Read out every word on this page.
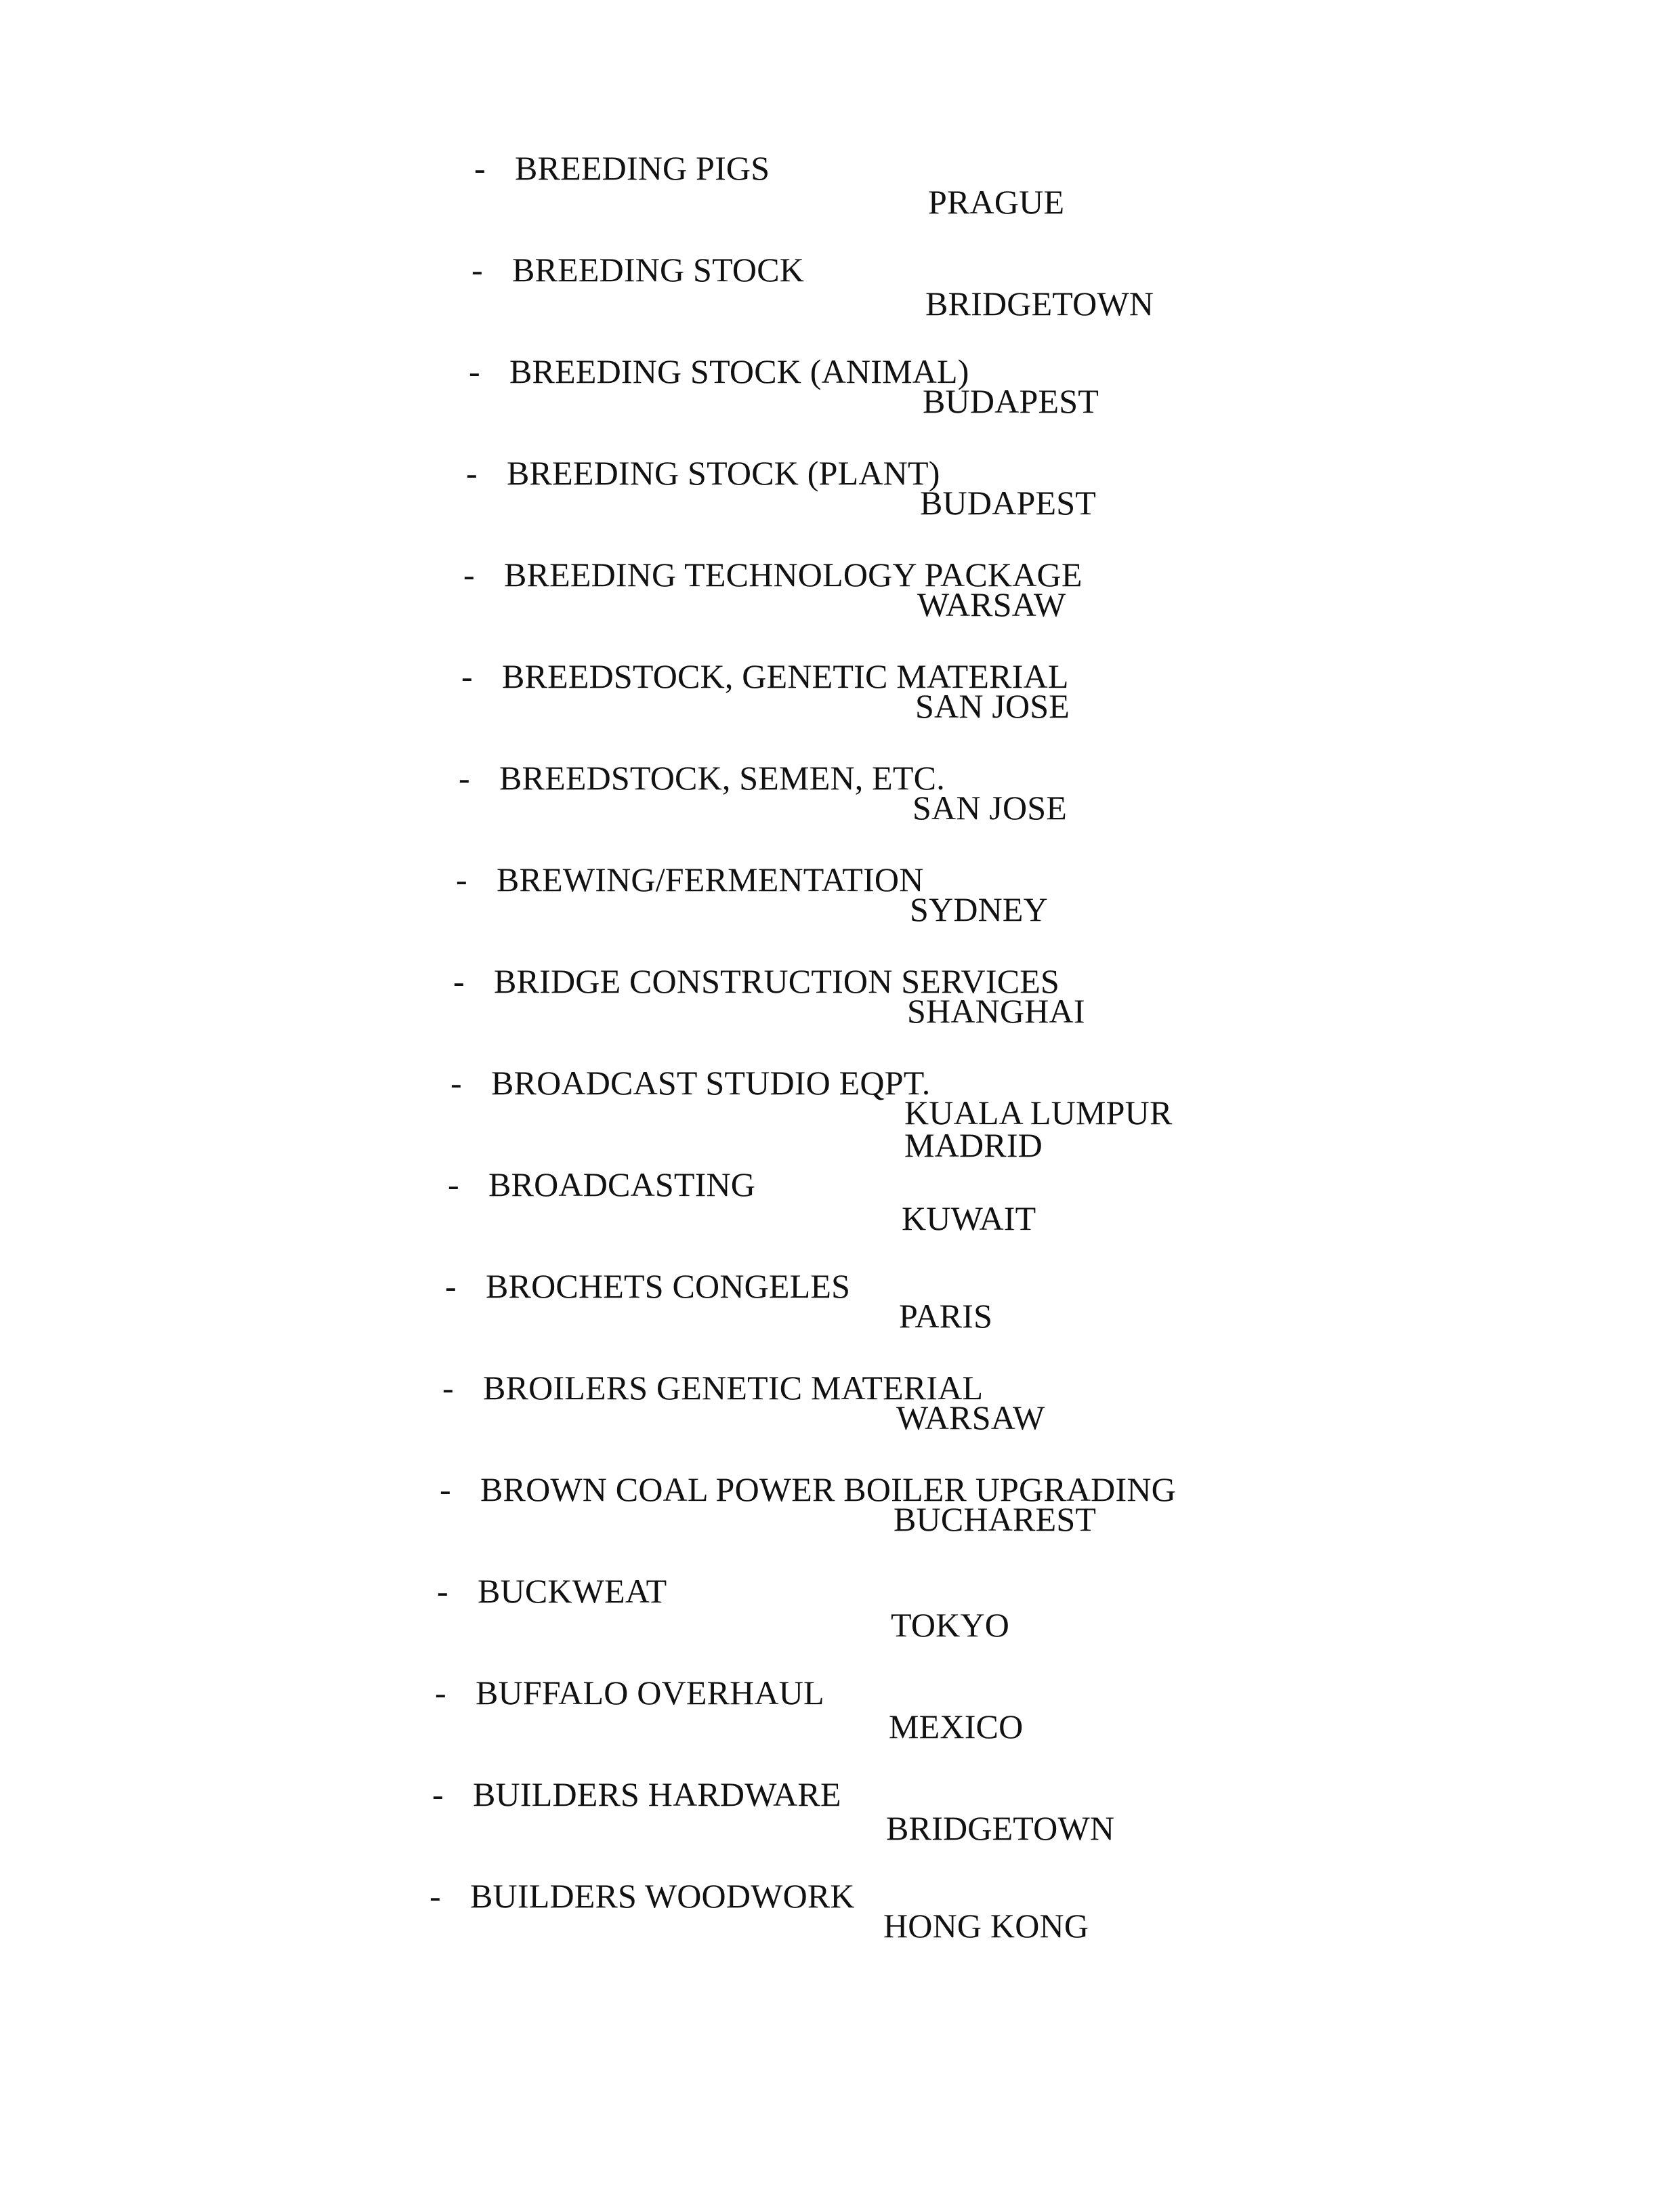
- BREEDING PIGS
PRAGUE
- BREEDING STOCK
BRIDGETOWN
- BREEDING STOCK (ANIMAL)
BUDAPEST
- BREEDING STOCK (PLANT)
BUDAPEST
- BREEDING TECHNOLOGY PACKAGE
WARSAW
- BREEDSTOCK, GENETIC MATERIAL
SAN JOSE
- BREEDSTOCK, SEMEN, ETC.
SAN JOSE
- BREWING/FERMENTATION
SYDNEY
- BRIDGE CONSTRUCTION SERVICES
SHANGHAI
- BROADCAST STUDIO EQPT.
KUALA LUMPUR
MADRID
- BROADCASTING
KUWAIT
- BROCHETS CONGELES
PARIS
- BROILERS GENETIC MATERIAL
WARSAW
- BROWN COAL POWER BOILER UPGRADING
BUCHAREST
- BUCKWEAT
TOKYO
- BUFFALO OVERHAUL
MEXICO
- BUILDERS HARDWARE
BRIDGETOWN
- BUILDERS WOODWORK
HONG KONG
